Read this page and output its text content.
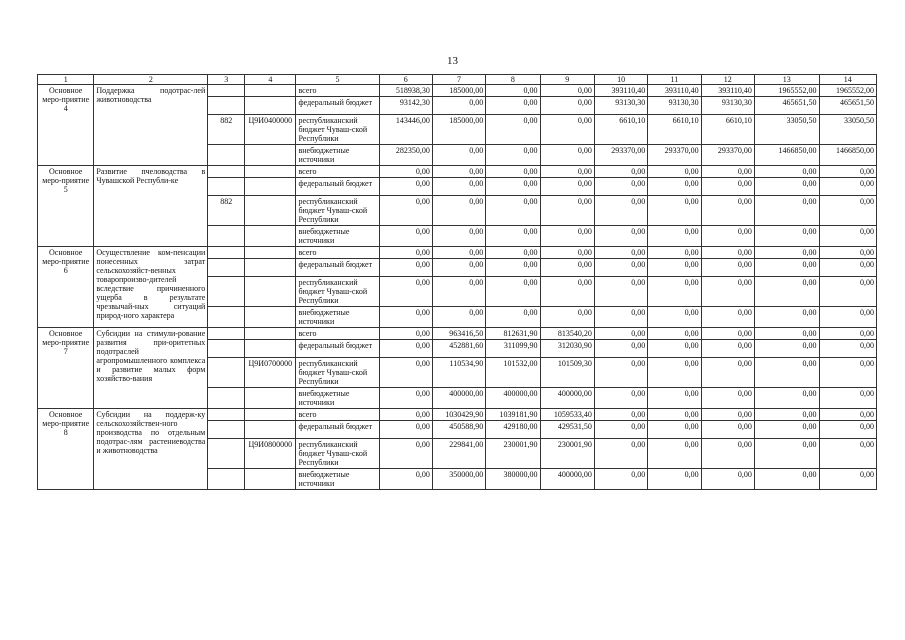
13
1	2	3	4	5	6	7	8	9	10	11	12	13	14
Основное меро-приятие 4	Поддержка подотрас-лей животноводства			всего	518938,30	185000,00	0,00	0,00	393110,40	393110,40	393110,40	1965552,00	1965552,00
				федеральный бюджет	93142,30	0,00	0,00	0,00	93130,30	93130,30	93130,30	465651,50	465651,50
		882	Ц9И0400000	республиканский бюджет Чуваш-ской Республики	143446,00	185000,00	0,00	0,00	6610,10	6610,10	6610,10	33050,50	33050,50
				внебюджетные источники	282350,00	0,00	0,00	0,00	293370,00	293370,00	293370,00	1466850,00	1466850,00
Основное меро-приятие 5	Развитие пчеловодства в Чувашской Республи-ке			всего	0,00	0,00	0,00	0,00	0,00	0,00	0,00	0,00	0,00
				федеральный бюджет	0,00	0,00	0,00	0,00	0,00	0,00	0,00	0,00	0,00
		882		республиканский бюджет Чуваш-ской Республики	0,00	0,00	0,00	0,00	0,00	0,00	0,00	0,00	0,00
				внебюджетные источники	0,00	0,00	0,00	0,00	0,00	0,00	0,00	0,00	0,00
Основное меро-приятие 6	Осуществление ком-пенсации понесенных затрат сельскохозяйст-венных товаропроизво-дителей вследствие причиненного ущерба в результате чрезвычай-ных ситуаций природ-ного характера			всего	0,00	0,00	0,00	0,00	0,00	0,00	0,00	0,00	0,00
				федеральный бюджет	0,00	0,00	0,00	0,00	0,00	0,00	0,00	0,00	0,00
				республиканский бюджет Чуваш-ской Республики	0,00	0,00	0,00	0,00	0,00	0,00	0,00	0,00	0,00
				внебюджетные источники	0,00	0,00	0,00	0,00	0,00	0,00	0,00	0,00	0,00
Основное меро-приятие 7	Субсидии на стимули-рование развития при-оритетных подотраслей агропромышленного комплекса и развитие малых форм хозяйство-вания			всего	0,00	963416,50	812631,90	813540,20	0,00	0,00	0,00	0,00	0,00
				федеральный бюджет	0,00	452881,60	311099,90	312030,90	0,00	0,00	0,00	0,00	0,00
			Ц9И0700000	республиканский бюджет Чуваш-ской Республики	0,00	110534,90	101532,00	101509,30	0,00	0,00	0,00	0,00	0,00
				внебюджетные источники	0,00	400000,00	400000,00	400000,00	0,00	0,00	0,00	0,00	0,00
Основное меро-приятие 8	Субсидии на поддерж-ку сельскохозяйствен-ного производства по отдельным подотрас-лям растениеводства и животноводства			всего	0,00	1030429,90	1039181,90	1059533,40	0,00	0,00	0,00	0,00	0,00
				федеральный бюджет	0,00	450588,90	429180,00	429531,50	0,00	0,00	0,00	0,00	0,00
			Ц9И0800000	республиканский бюджет Чуваш-ской Республики	0,00	229841,00	230001,90	230001,90	0,00	0,00	0,00	0,00	0,00
				внебюджетные источники	0,00	350000,00	380000,00	400000,00	0,00	0,00	0,00	0,00	0,00
